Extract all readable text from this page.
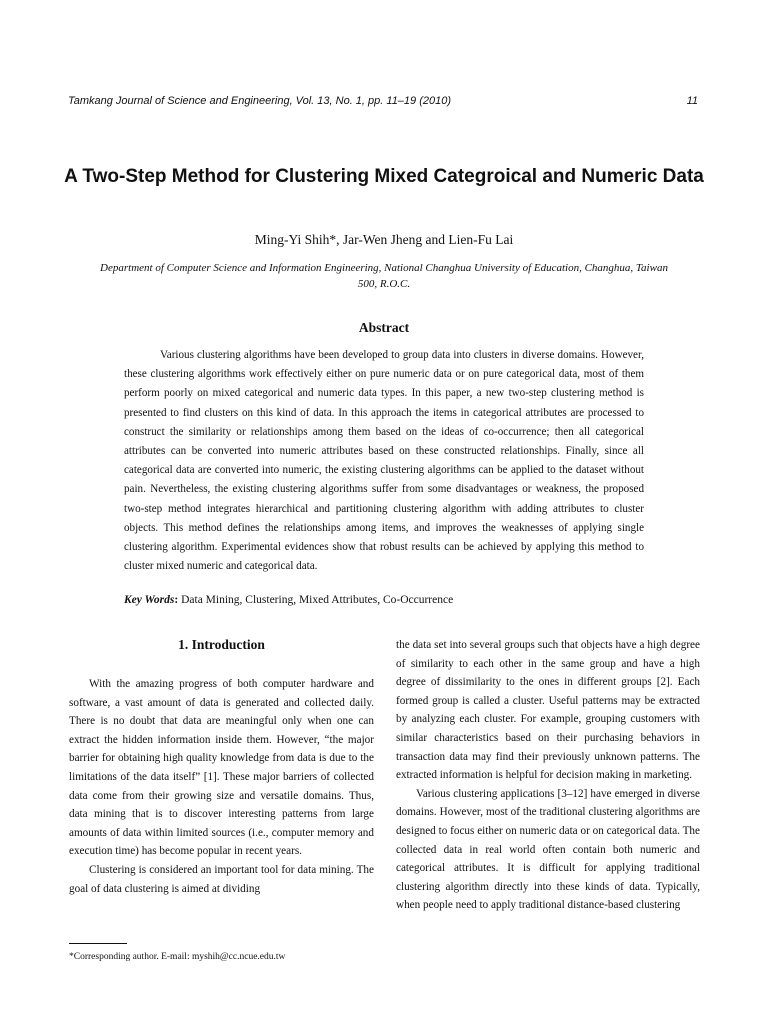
Tamkang Journal of Science and Engineering, Vol. 13, No. 1, pp. 11–19 (2010)	11
A Two-Step Method for Clustering Mixed Categroical and Numeric Data
Ming-Yi Shih*, Jar-Wen Jheng and Lien-Fu Lai
Department of Computer Science and Information Engineering, National Changhua University of Education, Changhua, Taiwan 500, R.O.C.
Abstract

Various clustering algorithms have been developed to group data into clusters in diverse domains. However, these clustering algorithms work effectively either on pure numeric data or on pure categorical data, most of them perform poorly on mixed categorical and numeric data types. In this paper, a new two-step clustering method is presented to find clusters on this kind of data. In this approach the items in categorical attributes are processed to construct the similarity or relationships among them based on the ideas of co-occurrence; then all categorical attributes can be converted into numeric attributes based on these constructed relationships. Finally, since all categorical data are converted into numeric, the existing clustering algorithms can be applied to the dataset without pain. Nevertheless, the existing clustering algorithms suffer from some disadvantages or weakness, the proposed two-step method integrates hierarchical and partitioning clustering algorithm with adding attributes to cluster objects. This method defines the relationships among items, and improves the weaknesses of applying single clustering algorithm. Experimental evidences show that robust results can be achieved by applying this method to cluster mixed numeric and categorical data.

Key Words: Data Mining, Clustering, Mixed Attributes, Co-Occurrence
1. Introduction

With the amazing progress of both computer hardware and software, a vast amount of data is generated and collected daily. There is no doubt that data are meaningful only when one can extract the hidden information inside them. However, “the major barrier for obtaining high quality knowledge from data is due to the limitations of the data itself” [1]. These major barriers of collected data come from their growing size and versatile domains. Thus, data mining that is to discover interesting patterns from large amounts of data within limited sources (i.e., computer memory and execution time) has become popular in recent years.

Clustering is considered an important tool for data mining. The goal of data clustering is aimed at dividing

the data set into several groups such that objects have a high degree of similarity to each other in the same group and have a high degree of dissimilarity to the ones in different groups [2]. Each formed group is called a cluster. Useful patterns may be extracted by analyzing each cluster. For example, grouping customers with similar characteristics based on their purchasing behaviors in transaction data may find their previously unknown patterns. The extracted information is helpful for decision making in marketing.

Various clustering applications [3–12] have emerged in diverse domains. However, most of the traditional clustering algorithms are designed to focus either on numeric data or on categorical data. The collected data in real world often contain both numeric and categorical attributes. It is difficult for applying traditional clustering algorithm directly into these kinds of data. Typically, when people need to apply traditional distance-based clustering

*Corresponding author. E-mail: myshih@cc.ncue.edu.tw
